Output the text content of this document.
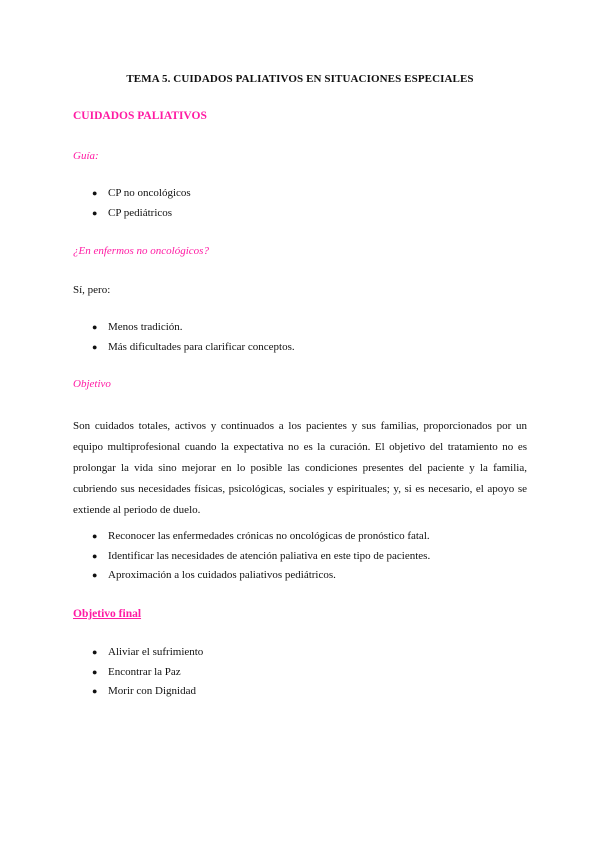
TEMA 5. CUIDADOS PALIATIVOS EN SITUACIONES ESPECIALES
CUIDADOS PALIATIVOS
Guía:
● CP no oncológicos
● CP pediátricos
¿En enfermos no oncológicos?
Sí, pero:
● Menos tradición.
● Más dificultades para clarificar conceptos.
Objetivo
Son cuidados totales, activos y continuados a los pacientes y sus familias, proporcionados por un equipo multiprofesional cuando la expectativa no es la curación. El objetivo del tratamiento no es prolongar la vida sino mejorar en lo posible las condiciones presentes del paciente y la familia, cubriendo sus necesidades físicas, psicológicas, sociales y espirituales; y, si es necesario, el apoyo se extiende al periodo de duelo.
● Reconocer las enfermedades crónicas no oncológicas de pronóstico fatal.
● Identificar las necesidades de atención paliativa en este tipo de pacientes.
● Aproximación a los cuidados paliativos pediátricos.
Objetivo final
● Aliviar el sufrimiento
● Encontrar la Paz
● Morir con Dignidad
